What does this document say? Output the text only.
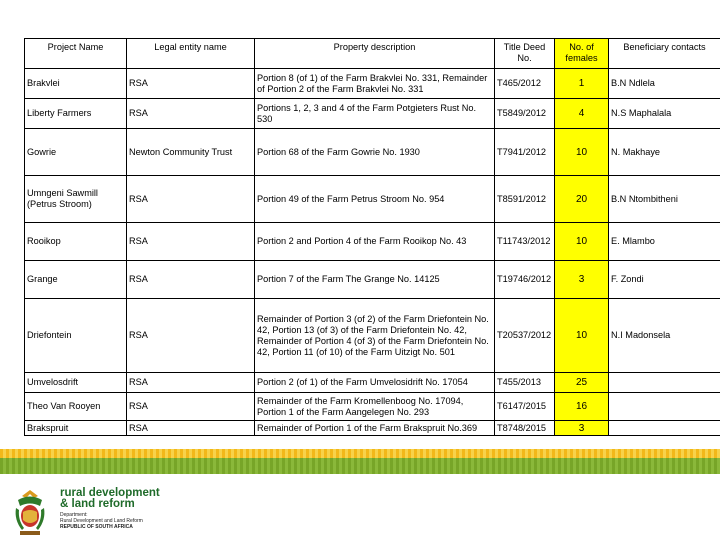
Project Name	Legal entity name	Property description	Title Deed No.	No. of females	Beneficiary contacts
Brakvlei	RSA	Portion 8 (of 1) of the Farm Brakvlei No. 331, Remainder of Portion 2 of the Farm Brakvlei No. 331	T465/2012	1	B.N Ndlela
Liberty Farmers	RSA	Portions 1, 2, 3 and 4 of the Farm Potgieters Rust No. 530	T5849/2012	4	N.S Maphalala
Gowrie	Newton Community Trust	Portion 68 of the Farm Gowrie No. 1930	T7941/2012	10	N. Makhaye
Umngeni Sawmill (Petrus Stroom)	RSA	Portion 49 of the Farm Petrus Stroom No. 954	T8591/2012	20	B.N Ntombitheni
Rooikop	RSA	Portion 2 and Portion 4 of the Farm Rooikop No. 43	T11743/2012	10	E. Mlambo
Grange	RSA	Portion 7 of the Farm The Grange No. 14125	T19746/2012	3	F. Zondi
Driefontein	RSA	Remainder of Portion 3 (of 2) of the Farm Driefontein No. 42, Portion 13 (of 3) of the Farm Driefontein No. 42, Remainder of Portion 4 (of 3) of the Farm Driefontein No. 42, Portion 11 (of 10) of the Farm Uitzigt No. 501	T20537/2012	10	N.I Madonsela
Umvelosdrift	RSA	Portion 2 (of 1) of the Farm Umvelosidrift No. 17054	T455/2013	25	
Theo Van Rooyen	RSA	Remainder of the Farm Kromellenboog No. 17094, Portion 1 of the Farm Aangelegen No. 293	T6147/2015	16	
Brakspruit	RSA	Remainder of Portion 1 of the Farm Brakspruit No.369	T8748/2015	3	
rural development
& land reform
Department:
Rural Development and Land Reform
REPUBLIC OF SOUTH AFRICA
